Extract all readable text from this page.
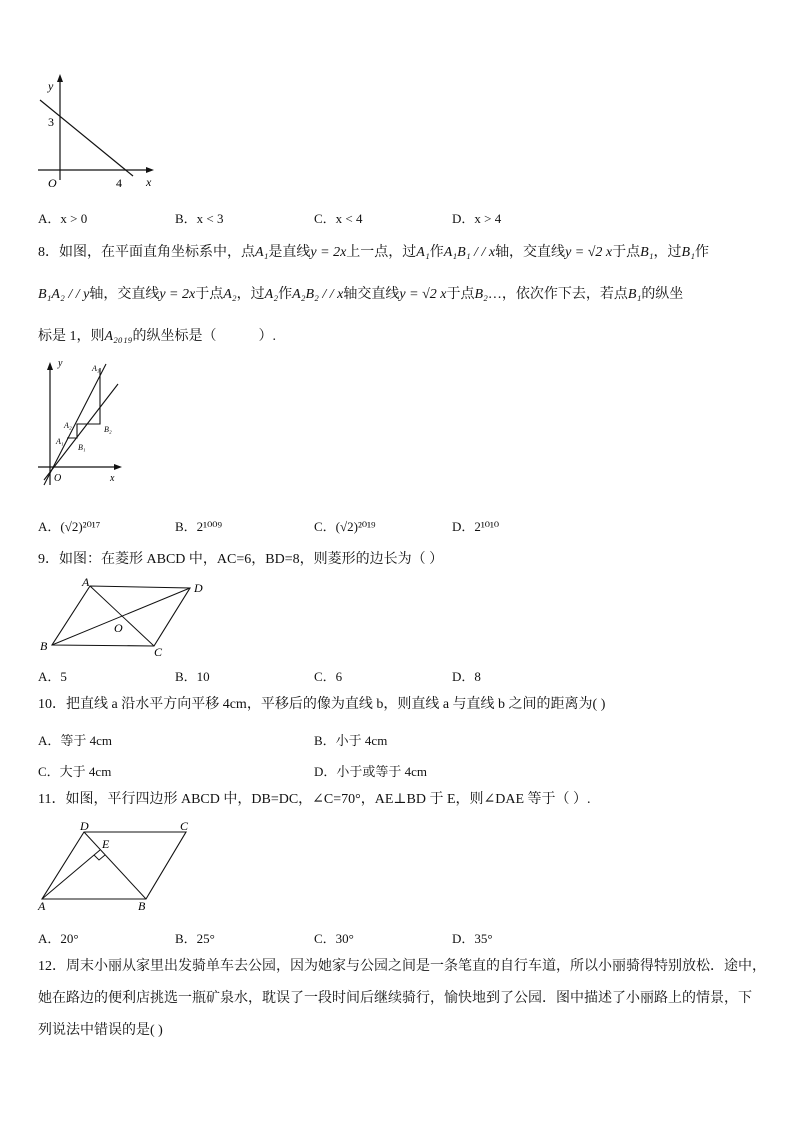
y
x
O
3
4
A．x > 0	B．x < 3	C．x < 4	D．x > 4
8．如图，在平面直角坐标系中，点A₁是直线y = 2x上一点，过A₁作A₁B₁ / / x轴，交直线y = √2 x于点B₁，过B₁作
B₁A₂ / / y轴，交直线y = 2x于点A₂，过A₂作A₂B₂ / / x轴交直线y = √2 x于点B₂…，依次作下去，若点B₁的纵坐
标是 1，则A₂₀₁₉的纵坐标是（　　　）.
y
x
O
A₁
A₂
A₃
B₁
B₂
A．(√2)²⁰¹⁷	B．2¹⁰⁰⁹	C．(√2)²⁰¹⁹	D．2¹⁰¹⁰
9．如图：在菱形 ABCD 中，AC=6，BD=8，则菱形的边长为（ ）
A	D
B	C
O
A．5	B．10	C．6	D．8
10．把直线 a 沿水平方向平移 4cm，平移后的像为直线 b，则直线 a 与直线 b 之间的距离为( )
A．等于 4cm	B．小于 4cm
C．大于 4cm	D．小于或等于 4cm
11．如图，平行四边形 ABCD 中，DB=DC，∠C=70°，AE⊥BD 于 E，则∠DAE 等于（ ）.
D	C
A	B
E
A．20°	B．25°	C．30°	D．35°
12．周末小丽从家里出发骑单车去公园，因为她家与公园之间是一条笔直的自行车道，所以小丽骑得特别放松．途中，
她在路边的便利店挑选一瓶矿泉水，耽误了一段时间后继续骑行，愉快地到了公园．图中描述了小丽路上的情景，下
列说法中错误的是( )
